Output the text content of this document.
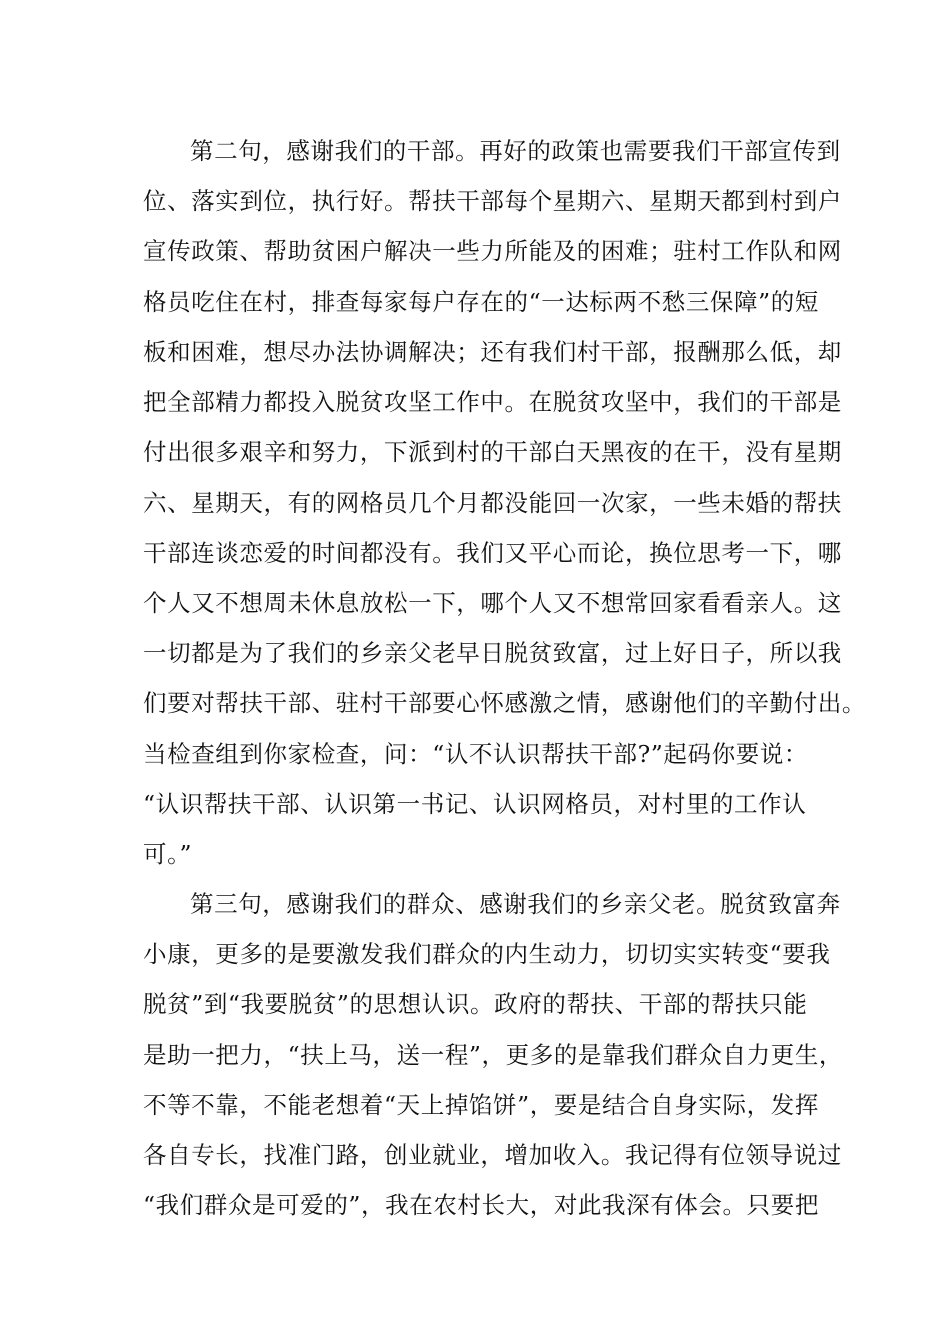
第二句，感谢我们的干部。再好的政策也需要我们干部宣传到

位、落实到位，执行好。帮扶干部每个星期六、星期天都到村到户

宣传政策、帮助贫困户解决一些力所能及的困难；驻村工作队和网

格员吃住在村，排查每家每户存在的“一达标两不愁三保障”的短

板和困难，想尽办法协调解决；还有我们村干部，报酬那么低，却

把全部精力都投入脱贫攻坚工作中。在脱贫攻坚中，我们的干部是

付出很多艰辛和努力，下派到村的干部白天黑夜的在干，没有星期

六、星期天，有的网格员几个月都没能回一次家，一些未婚的帮扶

干部连谈恋爱的时间都没有。我们又平心而论，换位思考一下，哪

个人又不想周未休息放松一下，哪个人又不想常回家看看亲人。这

一切都是为了我们的乡亲父老早日脱贫致富，过上好日子，所以我

们要对帮扶干部、驻村干部要心怀感激之情，感谢他们的辛勤付出。

当检查组到你家检查，问：“认不认识帮扶干部?”起码你要说：

“认识帮扶干部、认识第一书记、认识网格员，对村里的工作认

可。”

第三句，感谢我们的群众、感谢我们的乡亲父老。脱贫致富奔

小康，更多的是要激发我们群众的内生动力，切切实实转变“要我

脱贫”到“我要脱贫”的思想认识。政府的帮扶、干部的帮扶只能

是助一把力，“扶上马，送一程”，更多的是靠我们群众自力更生，

不等不靠，不能老想着“天上掉馅饼”，要是结合自身实际，发挥

各自专长，找准门路，创业就业，增加收入。我记得有位领导说过

“我们群众是可爱的”，我在农村长大，对此我深有体会。只要把
